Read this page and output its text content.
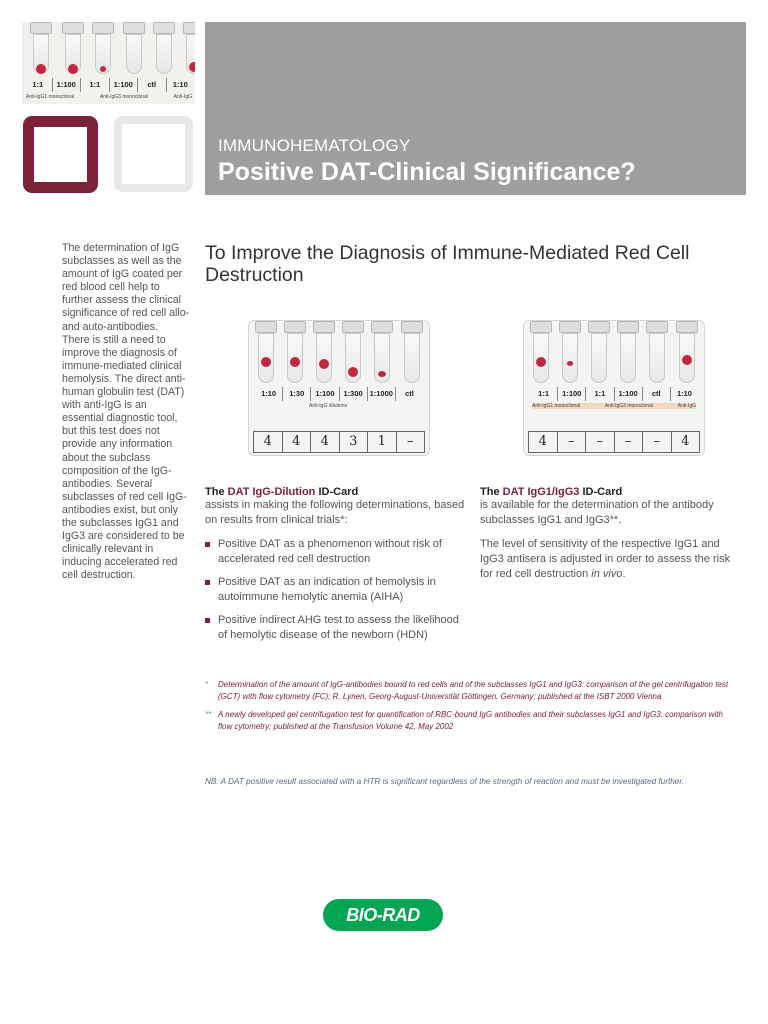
1:1	1:100	1:1	1:100	ctl	1:10
Anti-IgG1 monoclonal	Anti-IgG3 monoclonal	Anti-IgG
IMMUNOHEMATOLOGY
Positive DAT-Clinical Significance?

The determination of IgG subclasses as well as the amount of IgG coated per red blood cell help to further assess the clinical significance of red cell allo- and auto-antibodies.

There is still a need to improve the diagnosis of immune-mediated clinical hemolysis. The direct anti-human globulin test (DAT) with anti-IgG is an essential diagnostic tool, but this test does not provide any information about the subclass composition of the IgG-antibodies. Several subclasses of red cell IgG-antibodies exist, but only the subclasses IgG1 and IgG3 are considered to be clinically relevant in inducing accelerated red cell destruction.

To Improve the Diagnosis of Immune-Mediated Red Cell Destruction
1:10	1:30	1:100	1:300 1:1000	ctl
Anti-IgG dilutions
4	4	4	3	1	–
1:1	1:100	1:1	1:100	ctl	1:10
Anti-IgG1 monoclonal	Anti-IgG3 monoclonal	Anti-IgG
4	–	–	–	–	4
The DAT IgG-Dilution ID-Card
assists in making the following determinations, based on results from clinical trials*:
Positive DAT as a phenomenon without risk of accelerated red cell destruction
Positive DAT as an indication of hemolysis in autoimmune hemolytic anemia (AIHA)
Positive indirect AHG test to assess the likelihood of hemolytic disease of the newborn (HDN)
The DAT IgG1/IgG3 ID-Card
is available for the determination of the antibody subclasses IgG1 and IgG3**.
The level of sensitivity of the respective IgG1 and IgG3 antisera is adjusted in order to assess the risk for red cell destruction in vivo.
* Determination of the amount of IgG-antibodies bound to red cells and of the subclasses IgG1 and IgG3: comparison of the gel centrifugation test (GCT) with flow cytometry (FC); R. Lynen, Georg-August-Universität Göttingen, Germany; published at the ISBT 2000 Vienna
** A newly developed gel centrifugation test for quantification of RBC-bound IgG antibodies and their subclasses IgG1 and IgG3: comparison with flow cytometry; published at the Transfusion Volume 42, May 2002
NB: A DAT positive result associated with a HTR is significant regardless of the strength of reaction and must be investigated further.
BIO-RAD
